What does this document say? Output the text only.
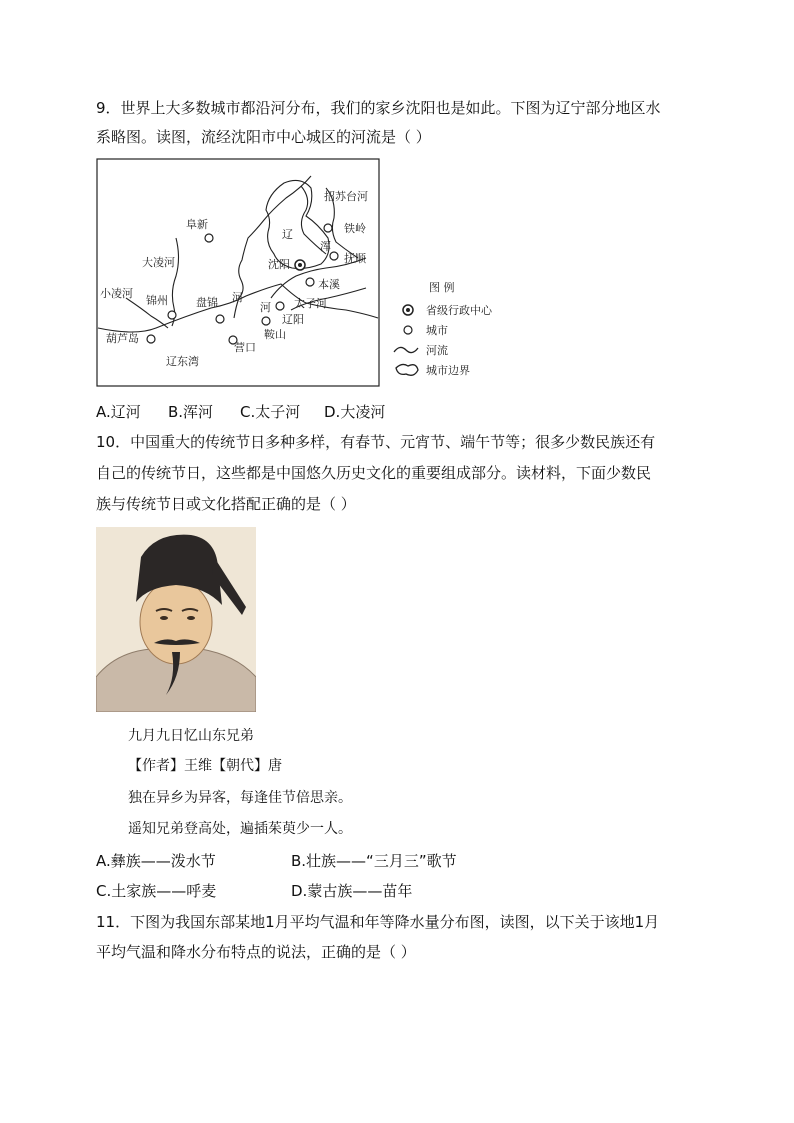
9．世界上大多数城市都沿河分布，我们的家乡沈阳也是如此。下图为辽宁部分地区水
系略图。读图，流经沈阳市中心城区的河流是（ ）
招苏台河
铁岭
阜新
辽
沈阳
浑
抚顺
本溪
大凌河
小凌河
锦州	盘锦 河
河 太子河
辽阳
鞍山
葫芦岛
营口
辽东湾
图 例
省级行政中心
城市
河流
城市边界
A.辽河 B.浑河 C.太子河 D.大凌河
10．中国重大的传统节日多种多样，有春节、元宵节、端午节等；很多少数民族还有
自己的传统节日，这些都是中国悠久历史文化的重要组成部分。读材料，下面少数民
族与传统节日或文化搭配正确的是（ ）
九月九日忆山东兄弟
【作者】王维【朝代】唐
独在异乡为异客，每逢佳节倍思亲。
遥知兄弟登高处，遍插茱萸少一人。
A.彝族——泼水节	B.壮族——“三月三”歌节
C.土家族——呼麦	D.蒙古族——苗年
11．下图为我国东部某地1月平均气温和年等降水量分布图，读图，以下关于该地1月
平均气温和降水分布特点的说法，正确的是（ ）
